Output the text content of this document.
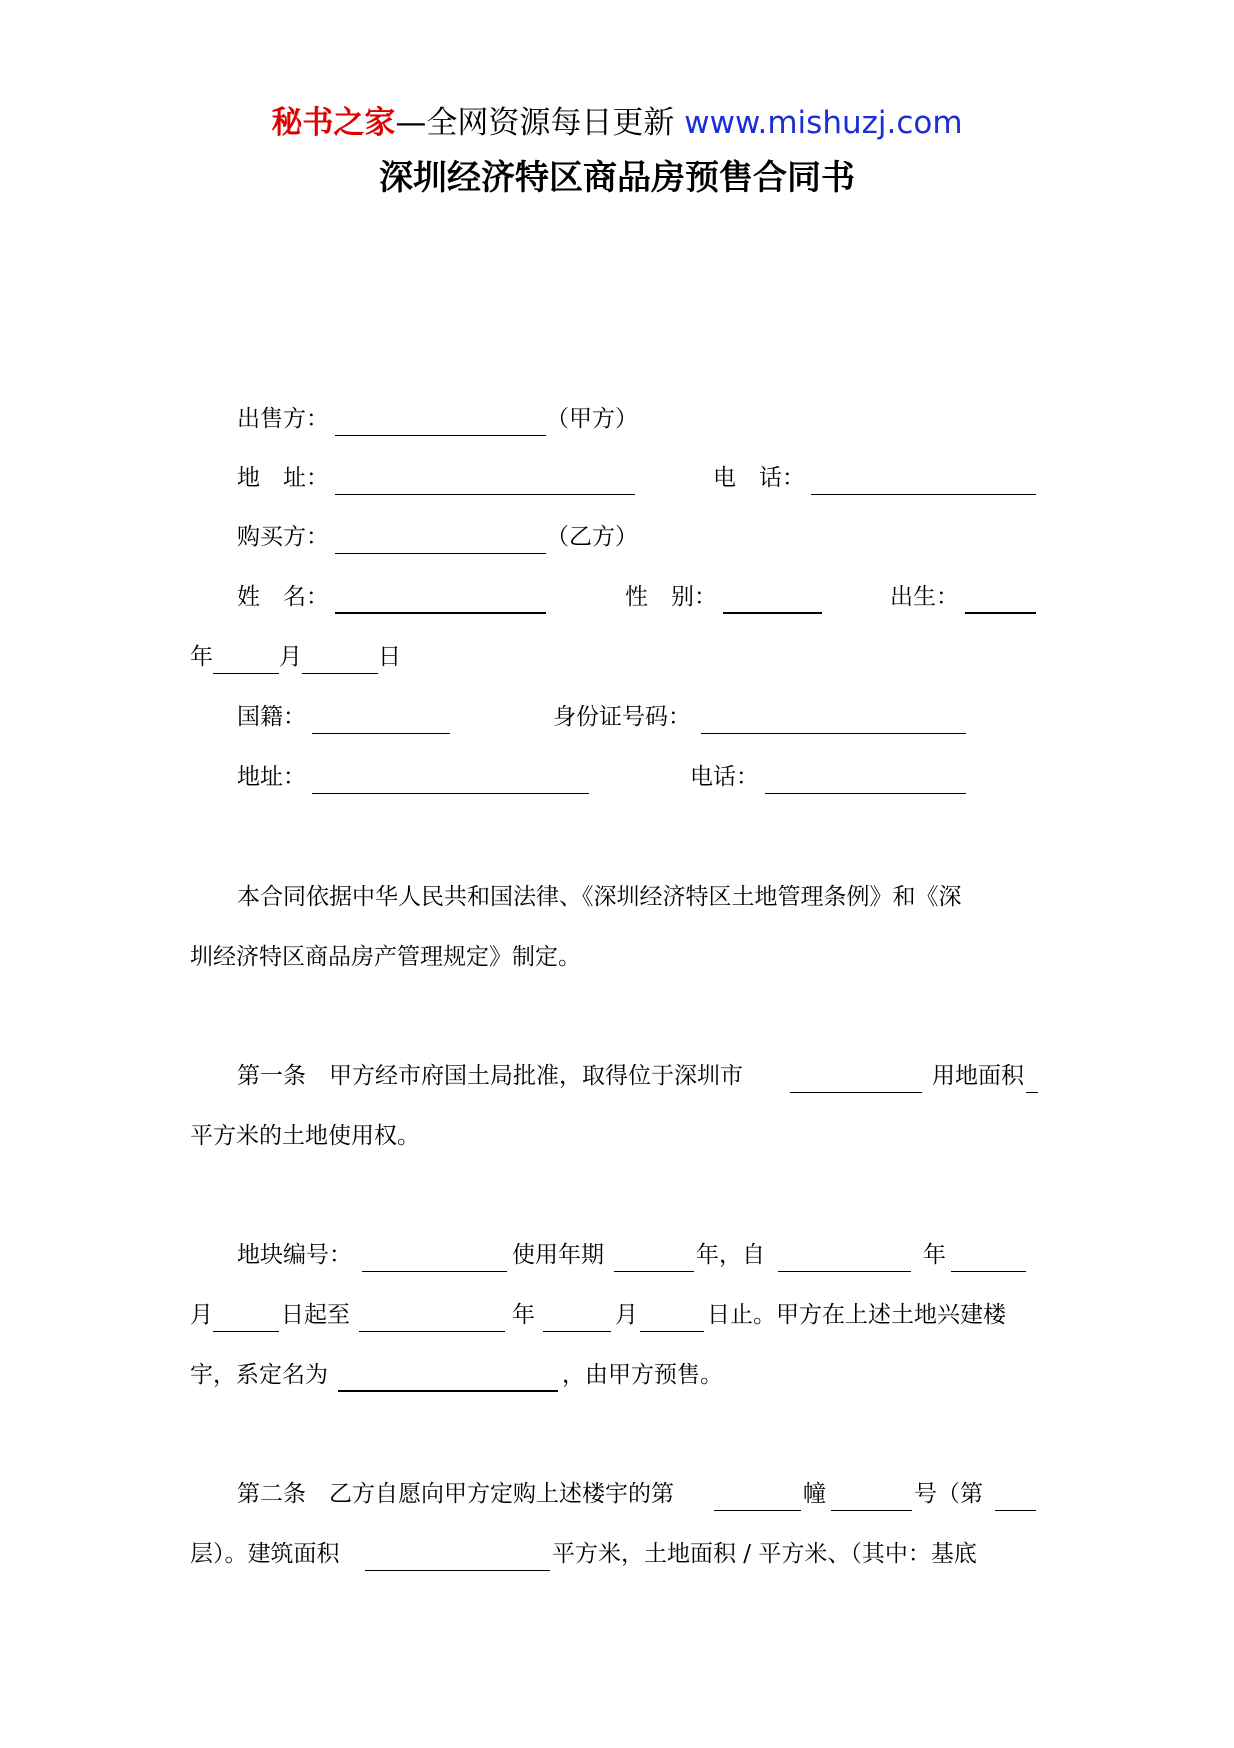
秘书之家—全网资源每日更新 www.mishuzj.com
深圳经济特区商品房预售合同书
出售方：	（甲方）
地　址：	电　话：
购买方：	（乙方）
姓　名：	性　别：	出生：
年	月	日
国籍：	身份证号码：
地址：	电话：
本合同依据中华人民共和国法律、《深圳经济特区土地管理条例》和《深
圳经济特区商品房产管理规定》制定。
第一条　甲方经市府国土局批准，取得位于深圳市	用地面积
平方米的土地使用权。
地块编号：	使用年期	年，自	年
月	日起至	年	月	日止。甲方在上述土地兴建楼
宇，系定名为	，由甲方预售。
第二条　乙方自愿向甲方定购上述楼宇的第	幢	号（第
层）。建筑面积	平方米，土地面积 / 平方米、（其中：基底
